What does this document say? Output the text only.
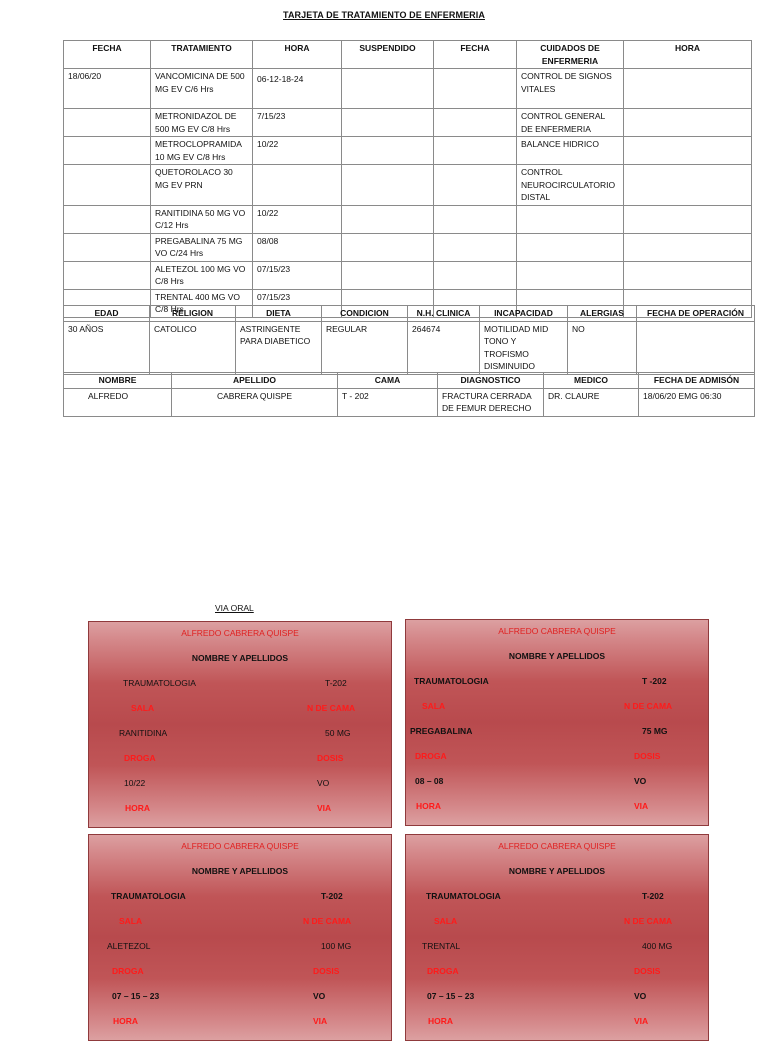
TARJETA DE TRATAMIENTO DE ENFERMERIA
FECHA	TRATAMIENTO	HORA	SUSPENDIDO	FECHA	CUIDADOS DE ENFERMERIA	HORA
18/06/20	VANCOMICINA DE 500 MG EV C/6 Hrs	06-12-18-24			CONTROL DE SIGNOS VITALES	
	METRONIDAZOL DE 500 MG EV C/8 Hrs	7/15/23			CONTROL GENERAL DE ENFERMERIA	
	METROCLOPRAMIDA 10 MG EV C/8 Hrs	10/22			BALANCE HIDRICO	
	QUETOROLACO 30 MG EV PRN				CONTROL NEUROCIRCULATORIO DISTAL	
	RANITIDINA 50 MG VO C/12 Hrs	10/22				
	PREGABALINA 75 MG VO C/24 Hrs	08/08				
	ALETEZOL 100 MG VO C/8 Hrs	07/15/23				
	TRENTAL 400 MG VO C/8 Hrs	07/15/23				
EDAD	RELIGION	DIETA	CONDICION	N.H. CLINICA	INCAPACIDAD	ALERGIAS	FECHA DE OPERACIÓN
30 AÑOS	CATOLICO	ASTRINGENTE PARA DIABETICO	REGULAR	264674	MOTILIDAD MID TONO Y TROFISMO DISMINUIDO	NO	
NOMBRE	APELLIDO	CAMA	DIAGNOSTICO	MEDICO	FECHA DE ADMISÓN
ALFREDO	CABRERA QUISPE	T - 202	FRACTURA CERRADA DE FEMUR DERECHO	DR. CLAURE	18/06/20 EMG 06:30
VIA ORAL
ALFREDO CABRERA QUISPE
NOMBRE Y APELLIDOS
TRAUMATOLOGIA	T-202
SALA	N DE CAMA
RANITIDINA	50 MG
DROGA	DOSIS
10/22	VO
HORA	VIA
ALFREDO CABRERA QUISPE
NOMBRE Y APELLIDOS
TRAUMATOLOGIA	T -202
SALA	N DE CAMA
PREGABALINA	75 MG
DROGA	DOSIS
08 – 08	VO
HORA	VIA
ALFREDO CABRERA QUISPE
NOMBRE Y APELLIDOS
TRAUMATOLOGIA	T-202
SALA	N DE CAMA
ALETEZOL	100 MG
DROGA	DOSIS
07 – 15 – 23	VO
HORA	VIA
ALFREDO CABRERA QUISPE
NOMBRE Y APELLIDOS
TRAUMATOLOGIA	T-202
SALA	N DE CAMA
TRENTAL	400 MG
DROGA	DOSIS
07 – 15 – 23	VO
HORA	VIA
